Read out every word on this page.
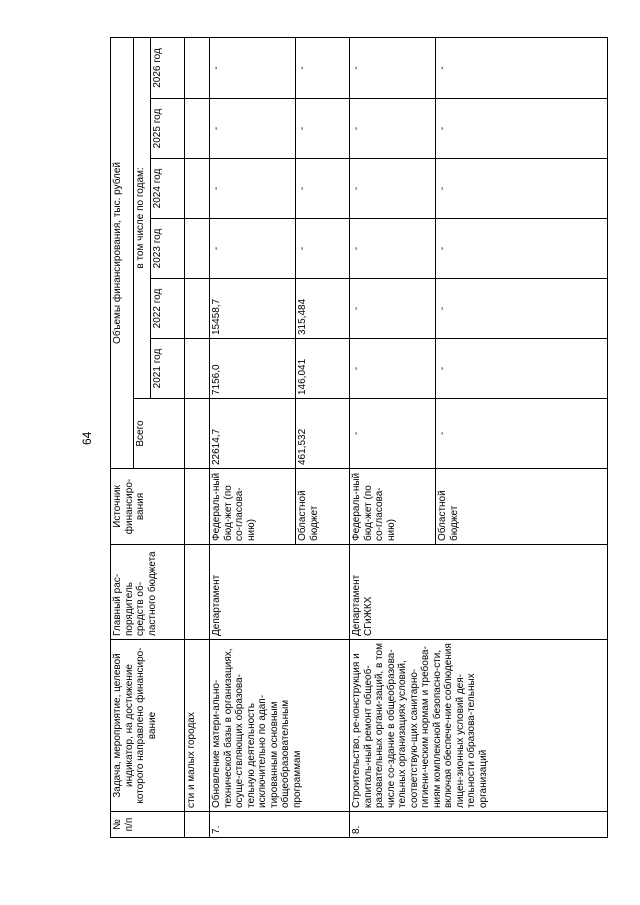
64
№ п/п	Задача, мероприятие, целевой индикатор, на достижение которого направлено финансиро-вание	Главный рас-порядитель средств об-ластного бюджета	Источник финансиро-вания	Объемы финансирования, тыс. рублей						
				Всего	в том числе по годам:					
					2021 год	2022 год	2023 год	2024 год	2025 год	2026 год
	сти и малых городах									
7.	Обновление матери-ально-технической базы в организациях, осуще-ствляющих образова-тельную деятельность исключительно по адап-тированным основным общеобразовательным программам	Департамент	Федераль-ный бюд-жет (по со-гласова-нию)	22614,7	7156,0	15458,7	-	-	-	-
			Областной бюджет	461,532	146,041	315,484	-	-	-	-
8.	Строительство, ре-конструкция и капиталь-ный ремонт общеоб-разовательных органи-заций, в том числе со-здание в общеобразова-тельных организациях условий, соответствую-щих санитарно-гигиени-ческим нормам и требова-ниям комплексной безопасно-сти, включая обеспече-ние соблюдения лицен-зионных условий дея-тельности образова-тельных организаций	Департамент СГиЖКХ	Федераль-ный бюд-жет (по со-гласова-нию)	-	-	-	-	-	-	-
			Областной бюджет	-	-	-	-	-	-	-
